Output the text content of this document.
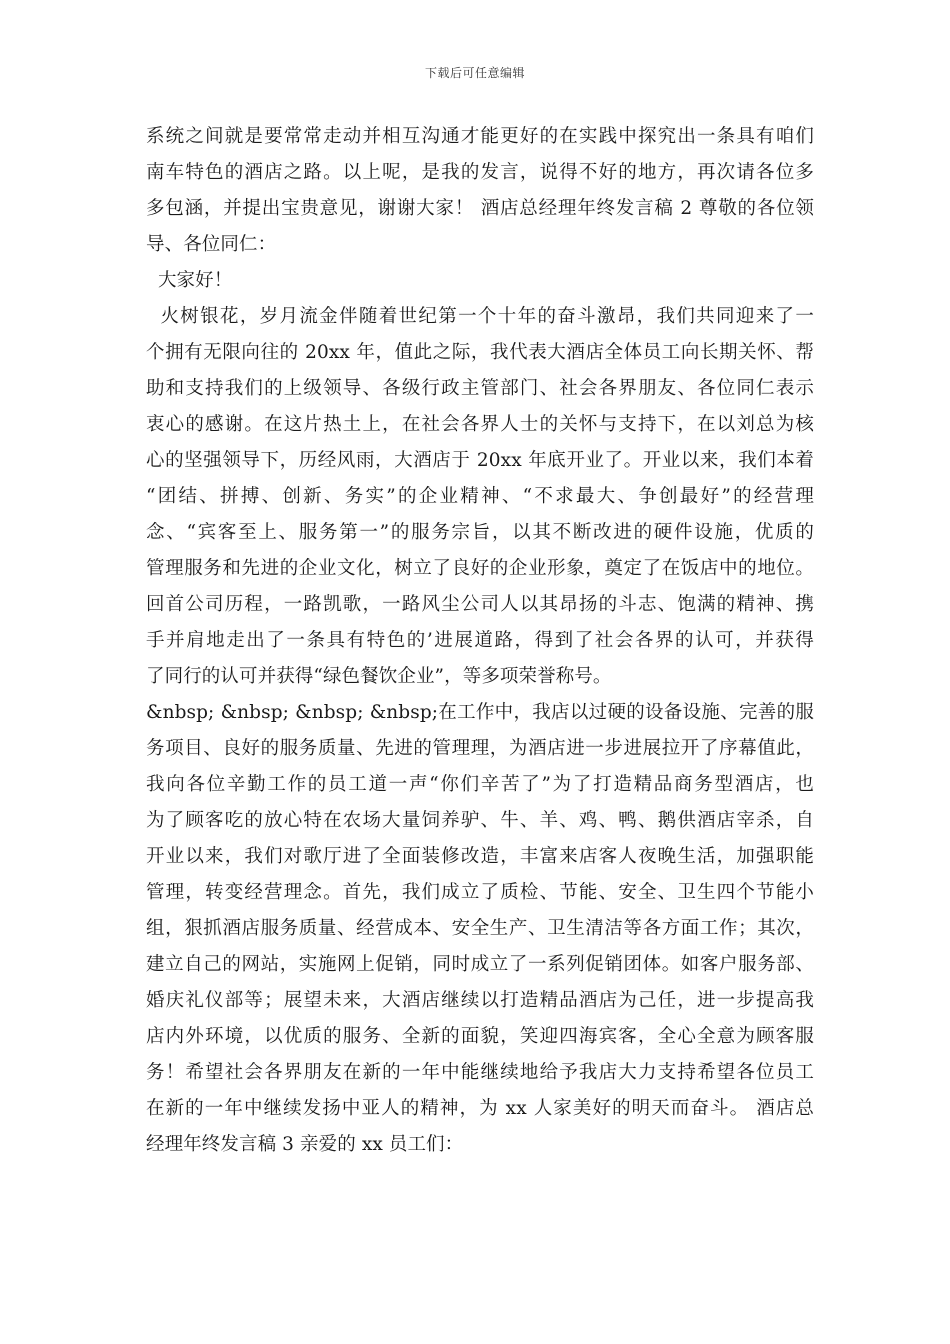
下载后可任意编辑
系统之间就是要常常走动并相互沟通才能更好的在实践中探究出一条具有咱们
南车特色的酒店之路。以上呢，是我的发言，说得不好的地方，再次请各位多
多包涵，并提出宝贵意见，谢谢大家！ 酒店总经理年终发言稿 2 尊敬的各位领
导、各位同仁：
大家好！
火树银花，岁月流金伴随着世纪第一个十年的奋斗激昂，我们共同迎来了一
个拥有无限向往的 20xx 年，值此之际，我代表大酒店全体员工向长期关怀、帮
助和支持我们的上级领导、各级行政主管部门、社会各界朋友、各位同仁表示
衷心的感谢。在这片热土上，在社会各界人士的关怀与支持下，在以刘总为核
心的坚强领导下，历经风雨，大酒店于 20xx 年底开业了。开业以来，我们本着
“团结、拼搏、创新、务实”的企业精神、“不求最大、争创最好”的经营理
念、“宾客至上、服务第一”的服务宗旨，以其不断改进的硬件设施，优质的
管理服务和先进的企业文化，树立了良好的企业形象，奠定了在饭店中的地位。
回首公司历程，一路凯歌，一路风尘公司人以其昂扬的斗志、饱满的精神、携
手并肩地走出了一条具有特色的’进展道路，得到了社会各界的认可，并获得
了同行的认可并获得“绿色餐饮企业”，等多项荣誉称号。
&nbsp; &nbsp; &nbsp; &nbsp;在工作中，我店以过硬的设备设施、完善的服
务项目、良好的服务质量、先进的管理理，为酒店进一步进展拉开了序幕值此，
我向各位辛勤工作的员工道一声“你们辛苦了”为了打造精品商务型酒店，也
为了顾客吃的放心特在农场大量饲养驴、牛、羊、鸡、鸭、鹅供酒店宰杀，自
开业以来，我们对歌厅进了全面装修改造，丰富来店客人夜晚生活，加强职能
管理，转变经营理念。首先，我们成立了质检、节能、安全、卫生四个节能小
组，狠抓酒店服务质量、经营成本、安全生产、卫生清洁等各方面工作；其次，
建立自己的网站，实施网上促销，同时成立了一系列促销团体。如客户服务部、
婚庆礼仪部等；展望未来，大酒店继续以打造精品酒店为己任，进一步提高我
店内外环境，以优质的服务、全新的面貌，笑迎四海宾客，全心全意为顾客服
务！希望社会各界朋友在新的一年中能继续地给予我店大力支持希望各位员工
在新的一年中继续发扬中亚人的精神，为 xx 人家美好的明天而奋斗。 酒店总
经理年终发言稿 3 亲爱的 xx 员工们：
